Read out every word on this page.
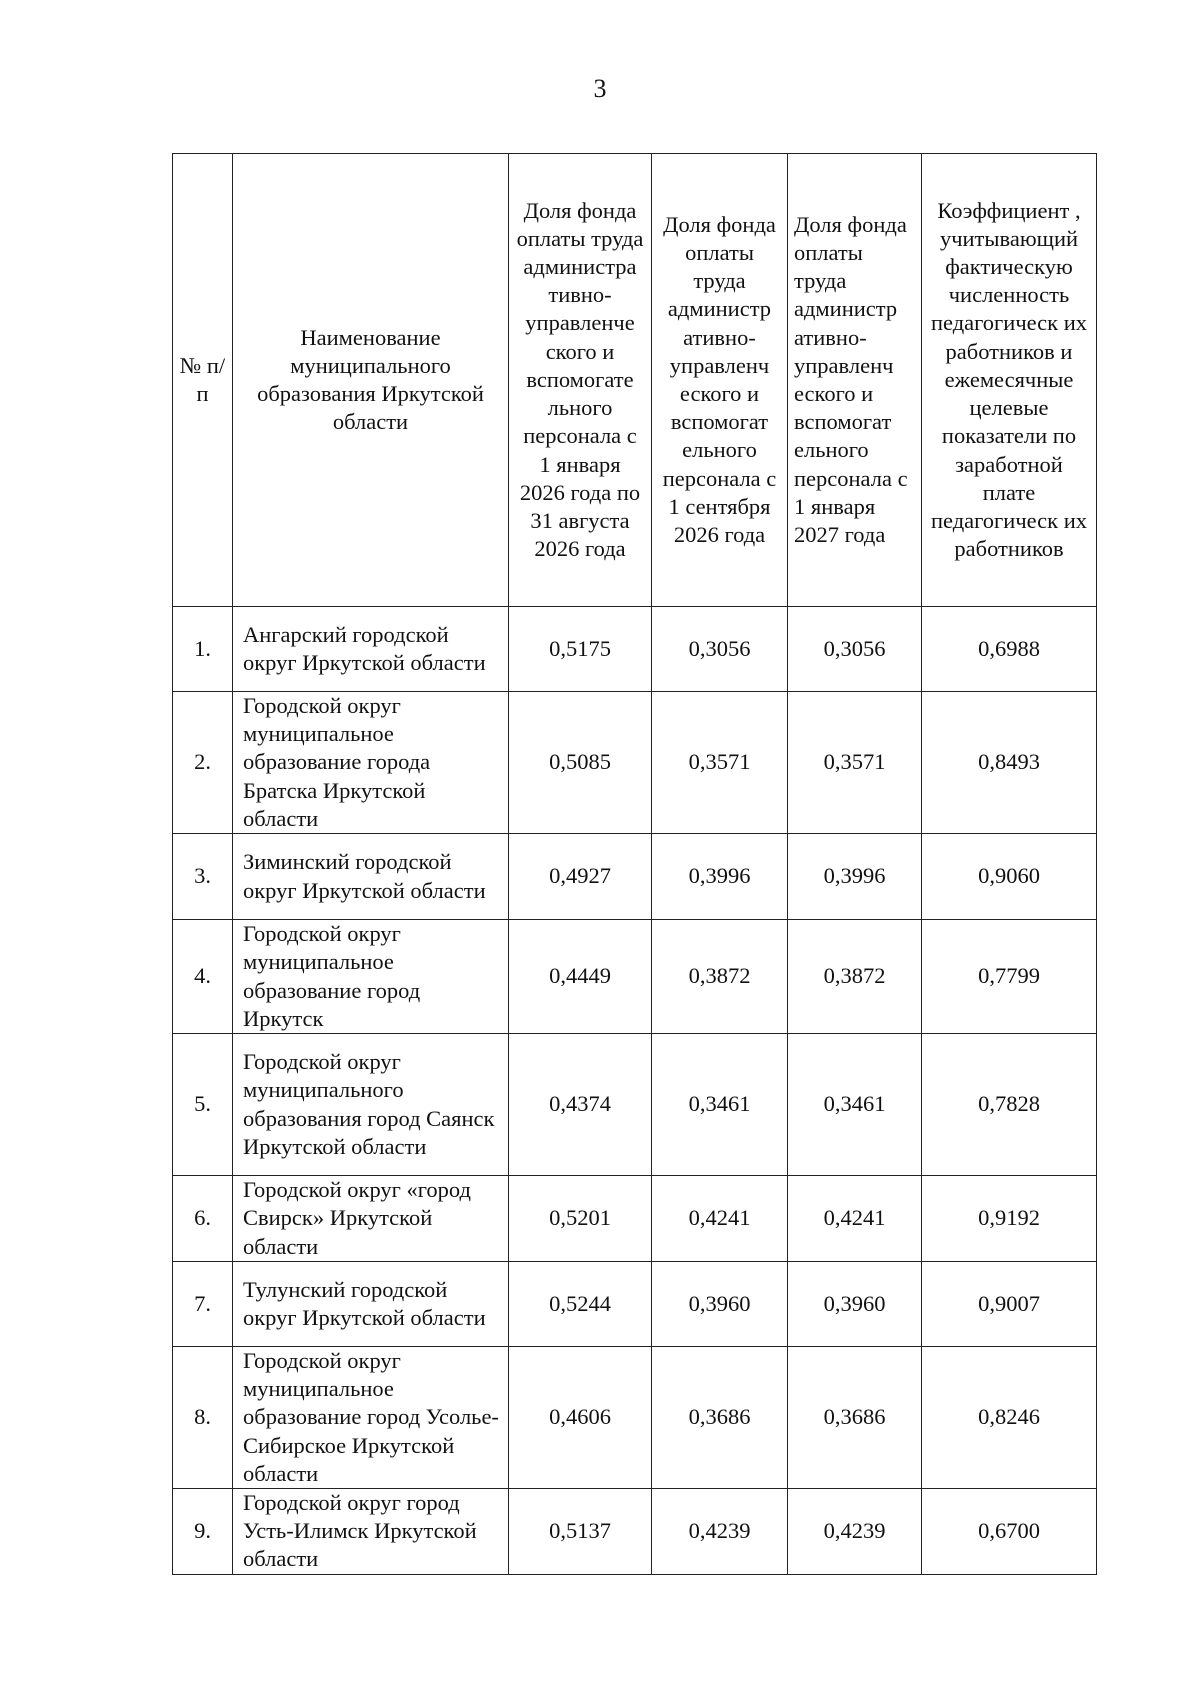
3
№ п/п	Наименование муниципального образования Иркутской области	Доля фонда оплаты труда администра тивно- управленче ского и вспомогате льного персонала с 1 января 2026 года по 31 августа 2026 года	Доля фонда оплаты труда администр ативно- управленч еского и вспомогат ельного персонала с 1 сентября 2026 года	Доля фонда оплаты труда администр ативно- управленч еского и вспомогат ельного персонала с 1 января 2027 года	Коэффициент , учитывающий фактическую численность педагогическ их работников и ежемесячные целевые показатели по заработной плате педагогическ их работников
1.	Ангарский городской округ Иркутской области	0,5175	0,3056	0,3056	0,6988
2.	Городской округ муниципальное образование города Братска Иркутской области	0,5085	0,3571	0,3571	0,8493
3.	Зиминский городской округ Иркутской области	0,4927	0,3996	0,3996	0,9060
4.	Городской округ муниципальное образование город Иркутск	0,4449	0,3872	0,3872	0,7799
5.	Городской округ муниципального образования город Саянск Иркутской области	0,4374	0,3461	0,3461	0,7828
6.	Городской округ «город Свирск» Иркутской области	0,5201	0,4241	0,4241	0,9192
7.	Тулунский городской округ Иркутской области	0,5244	0,3960	0,3960	0,9007
8.	Городской округ муниципальное образование город Усолье-Сибирское Иркутской области	0,4606	0,3686	0,3686	0,8246
9.	Городской округ город Усть-Илимск Иркутской области	0,5137	0,4239	0,4239	0,6700
